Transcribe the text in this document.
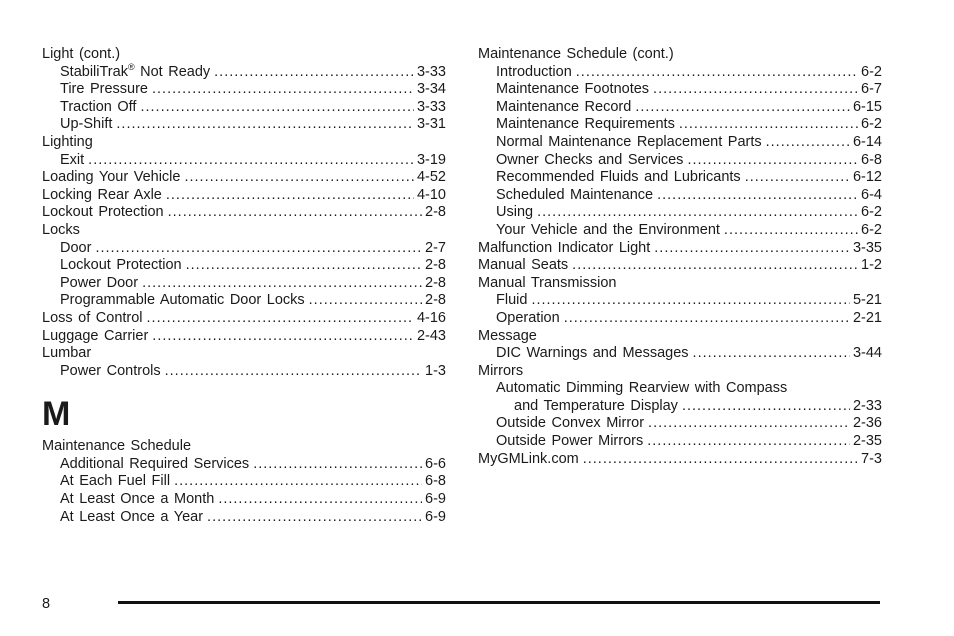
Light (cont.)
StabiliTrak® Not Ready .....	3-33
Tire Pressure .....	3-34
Traction Off .....	3-33
Up-Shift .....	3-31
Lighting
Exit .....	3-19
Loading Your Vehicle .....	4-52
Locking Rear Axle .....	4-10
Lockout Protection .....	2-8
Locks
Door .....	2-7
Lockout Protection .....	2-8
Power Door .....	2-8
Programmable Automatic Door Locks .....	2-8
Loss of Control .....	4-16
Luggage Carrier .....	2-43
Lumbar
Power Controls .....	1-3
M
Maintenance Schedule
Additional Required Services .....	6-6
At Each Fuel Fill .....	6-8
At Least Once a Month .....	6-9
At Least Once a Year .....	6-9
Maintenance Schedule (cont.)
Introduction .....	6-2
Maintenance Footnotes .....	6-7
Maintenance Record .....	6-15
Maintenance Requirements .....	6-2
Normal Maintenance Replacement Parts .....	6-14
Owner Checks and Services .....	6-8
Recommended Fluids and Lubricants .....	6-12
Scheduled Maintenance .....	6-4
Using .....	6-2
Your Vehicle and the Environment .....	6-2
Malfunction Indicator Light .....	3-35
Manual Seats .....	1-2
Manual Transmission
Fluid .....	5-21
Operation .....	2-21
Message
DIC Warnings and Messages .....	3-44
Mirrors
Automatic Dimming Rearview with Compass
and Temperature Display .....	2-33
Outside Convex Mirror .....	2-36
Outside Power Mirrors .....	2-35
MyGMLink.com .....	7-3
8
